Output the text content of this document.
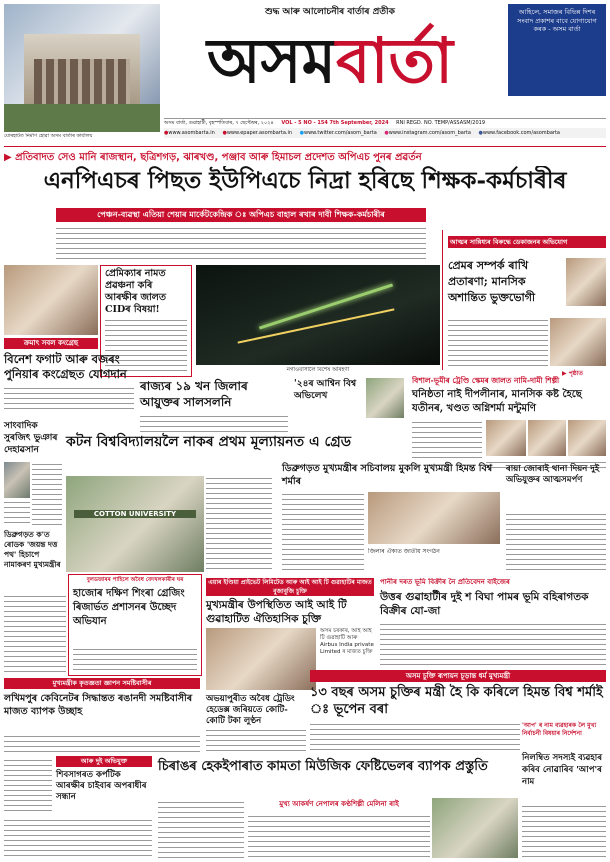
যোৰহাটত নিৰ্মাণ হোৱা অসম বাৰ্তাৰ কাৰ্যালয়
শুদ্ধ আৰু আলোচনীৰ বাৰ্তাৰ প্ৰতীক
অসমবাৰ্তা
আহিলে, সমাজৰ বিভিন্ন দিশৰ সংবাদ প্ৰকাশৰ বাবে যোগাযোগ কৰক - অসম বাৰ্তা
অসম বাৰ্তা, গুৱাহাটী, বৃহস্পতিবাৰ, ৭ ছেপ্টেম্বৰ, ২০২৪ VOL - 5 NO - 154 7th September, 2024 RNI REGD. NO. TEMP/ASSASM/2019
●www.asombarta.in ●www.epaper.asombarta.in ●www.twitter.com/asom_barta ●www.instagram.com/asom_barta ●www.facebook.com/asombarta
▶ প্ৰতিবাদত সেও মানি ৰাজস্থান, ছত্ৰিশগড়, ঝাৰখণ্ড, পঞ্জাব আৰু হিমাচল প্ৰদেশত অপিএচ পুনৰ প্ৰৱৰ্তন
এনপিএচৰ পিছত ইউপিএচে নিদ্ৰা হৰিছে শিক্ষক-কৰ্মচাৰীৰ
পেঞ্চন-ব্যৱস্থা এতিয়া শেয়াৰ মাৰ্কেটকেন্দ্ৰিক ঃ অপিএচ বাহাল ৰখাৰ দাবী শিক্ষক-কৰ্মচাৰীৰ
আত্মৰ সান্নিধ্যৰ বিৰুদ্ধে ডেকাজনৰ অভিযোগ
প্ৰেমৰ সম্পৰ্ক ৰাখি প্ৰতাৰণা; মানসিক অশান্তিত ভুক্তভোগী
▶ পৃষ্ঠাত
প্ৰেমিক্যাৰ নামত প্ৰৱঞ্চনা কৰি আৰক্ষীৰ জালত CIDৰ বিষয়া!
নগাঁওবাসীলৈ বিশেষ অৰিহণা
ক্ৰমাৎ সবল কংগ্ৰেছ
বিনেশ ফগাট আৰু বজৰং পুনিয়াৰ কংগ্ৰেছত যোগদান
ৰাজ্যৰ ১৯ খন জিলাৰ আয়ুক্তৰ সালসলনি
'২৪ৰ আশ্বিন বিশ্ব অভিলেখ
বিশাল-ভূমীৰ ট্ৰেণ্ডি স্কেমৰ জালত নামি-দামী শিল্পী
ঘনিষ্ঠতা নাই দীপলীনাৰ, মানসিক কষ্ট হৈছে যতীনৰ, খণ্ডত অগ্নিশৰ্মা মন্টুমণি
কটন বিশ্ববিদ্যালয়লৈ নাকৰ প্ৰথম মূল্যায়নত এ গ্ৰেড
COTTON UNIVERSITY
সাংবাদিক সুৰজিৎ ভুঞাৰ দেহাৱসান
ডিব্ৰুগড়ত মুখ্যমন্ত্ৰীৰ সচিবালয় মুকলি মুখ্যমন্ত্ৰী হিমন্ত বিশ্ব শৰ্মাৰ
ৰায়া জোৰাই থানা দিয়ন দুই অভিযুক্তৰ আত্মসমৰ্পণ
ডিব্ৰুগড়ত ক'ত ৰোডক 'জয়ন্ত দত্ত পথ' হিচাপে নামাকৰণ মুখ্যমন্ত্ৰীৰ
জিলাৰ ঐক্যত জাতীয় সংগঠন
বুলডজাৰৰ পাহিলে অবৈধ বেদখলকাৰীৰ ঘৰ
হাজোৰ দক্ষিণ শিংৰা গ্ৰেজিং ৰিজাৰ্ভত প্ৰশাসনৰ উচ্ছেদ অভিযান
এয়াৰ ইণ্ডিয়া প্ৰাইভেট লিমিটেড আৰু আই আই টি গুৱাহাটিৰ মাজত বুজাবুজি চুক্তি
মুখ্যমন্ত্ৰীৰ উপস্থিতিত আই আই টি গুৱাহাটিত ঐতিহাসিক চুক্তি
অসম চৰকাৰ, আই আই টি গুৱাহাটি আৰু Airbus India private Limited ৰ মাজত চুক্তি
পানীৰ দৰত ভূমি বিক্ৰীৰ নৈ প্ৰতিবেদন বাইজেৰ
উত্তৰ গুৱাহাটীৰ দুই শ বিঘা পামৰ ভূমি বহিৰাগতক বিক্ৰীৰ যো-জা
মুখ্যমন্ত্ৰীক কৃতজ্ঞতা জ্ঞাপন সমষ্টিবাসীৰ
লখিমপুৰ কেবিনেটৰ সিদ্ধান্তত ৰঙানদী সমষ্টিবাসীৰ মাজত ব্যাপক উচ্ছাহ
অভয়াপুৰীত অবৈধ ট্ৰেডিং হেডেক্স জৰিয়তে কোটি-কোটি টকা লুণ্ঠন
অসম চুক্তি ৰূপায়ন চূড়ান্ত ধৰ্ম মুখ্যমন্ত্ৰী
১৩ বছৰ অসম চুক্তিৰ মন্ত্ৰী হৈ কি কৰিলে হিমন্ত বিশ্ব শৰ্মাই ঃ ভূপেন বৰা
'আপ' ৰ নাম ব্যৱহাৰক লৈ মুখ্য নিৰ্বাচনী বিষয়াৰ নিৰ্দেশনা
নিলম্বিত সদস্যই ব্যৱহাৰ কৰিব নোৱাৰিব 'আপ'ৰ নাম
আৰু দুই অভিযুক্ত
শিবসাগৰত কৰ্পটিক আৰক্ষীৰ চাইবাৰ অপৰাধীৰ সন্ধান
চিৰাঙৰ হেকইপাৰাত কামতা মিউজিক ফেষ্টিভেলৰ ব্যাপক প্ৰস্তুতি
মুখ্য আকৰ্ষণ নেপালৰ কণ্ঠশিল্পী মেলিনা ৰাই
